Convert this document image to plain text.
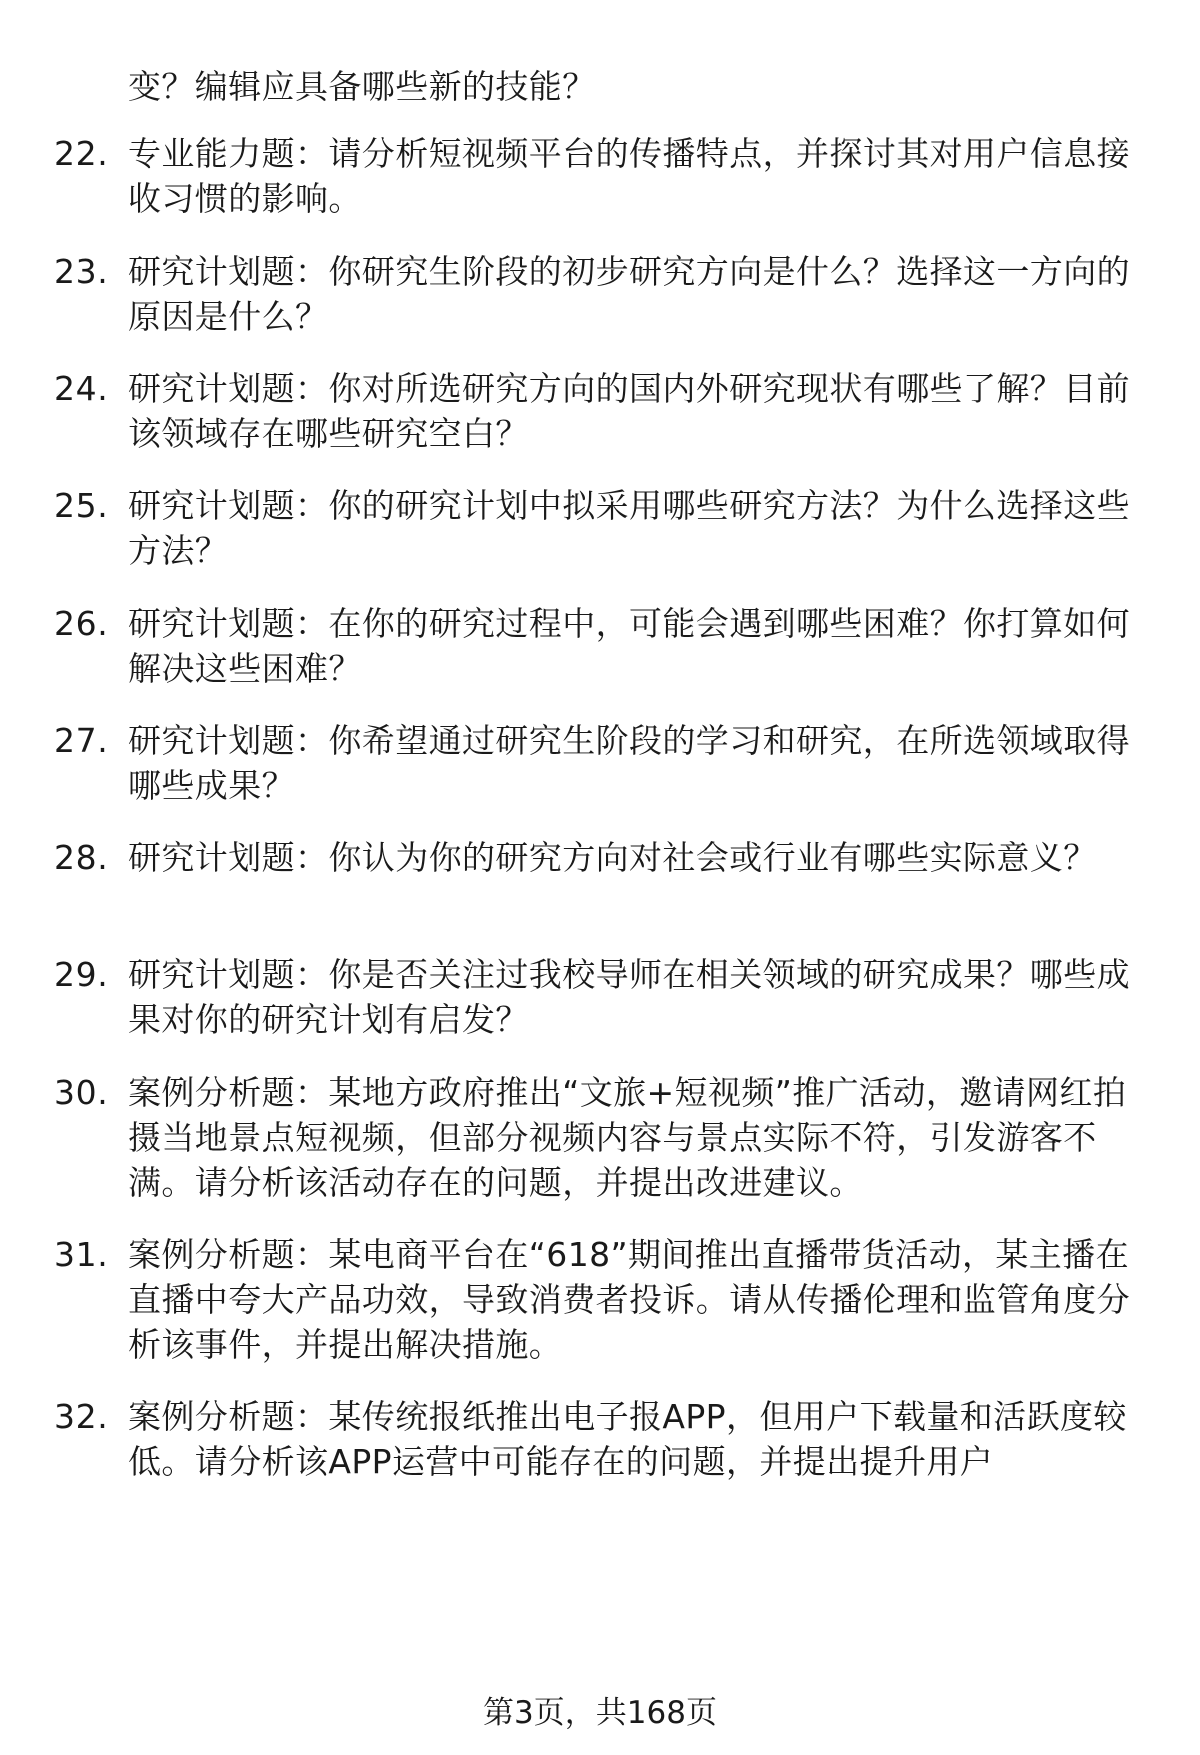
变？编辑应具备哪些新的技能？
22. 专业能力题：请分析短视频平台的传播特点，并探讨其对用户信息接收习惯的影响。
23. 研究计划题：你研究生阶段的初步研究方向是什么？选择这一方向的原因是什么？
24. 研究计划题：你对所选研究方向的国内外研究现状有哪些了解？目前该领域存在哪些研究空白？
25. 研究计划题：你的研究计划中拟采用哪些研究方法？为什么选择这些方法？
26. 研究计划题：在你的研究过程中，可能会遇到哪些困难？你打算如何解决这些困难？
27. 研究计划题：你希望通过研究生阶段的学习和研究，在所选领域取得哪些成果？
28. 研究计划题：你认为你的研究方向对社会或行业有哪些实际意义？
29. 研究计划题：你是否关注过我校导师在相关领域的研究成果？哪些成果对你的研究计划有启发？
30. 案例分析题：某地方政府推出“文旅+短视频”推广活动，邀请网红拍摄当地景点短视频，但部分视频内容与景点实际不符，引发游客不满。请分析该活动存在的问题，并提出改进建议。
31. 案例分析题：某电商平台在“618”期间推出直播带货活动，某主播在直播中夸大产品功效，导致消费者投诉。请从传播伦理和监管角度分析该事件，并提出解决措施。
32. 案例分析题：某传统报纸推出电子报APP，但用户下载量和活跃度较低。请分析该APP运营中可能存在的问题，并提出提升用户
第3页，共168页
